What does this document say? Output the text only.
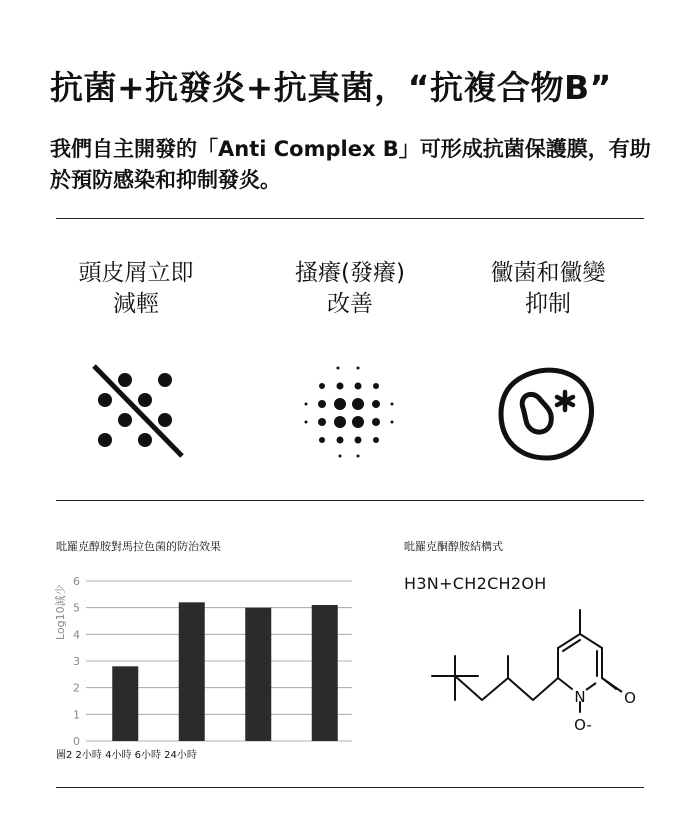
抗菌+抗發炎+抗真菌，“抗複合物B”
我們自主開發的「Anti Complex B」可形成抗菌保護膜，有助於預防感染和抑制發炎。
頭皮屑立即
減輕
搔癢(發癢)
改善
黴菌和黴變
抑制
吡羅克醇胺對馬拉色菌的防治效果
Log10減少
0
1
2
3
4
5
6
圖2 2小時 4小時 6小時 24小時
吡羅克酮醇胺結構式
H3N+CH2CH2OH
N	O
O-
